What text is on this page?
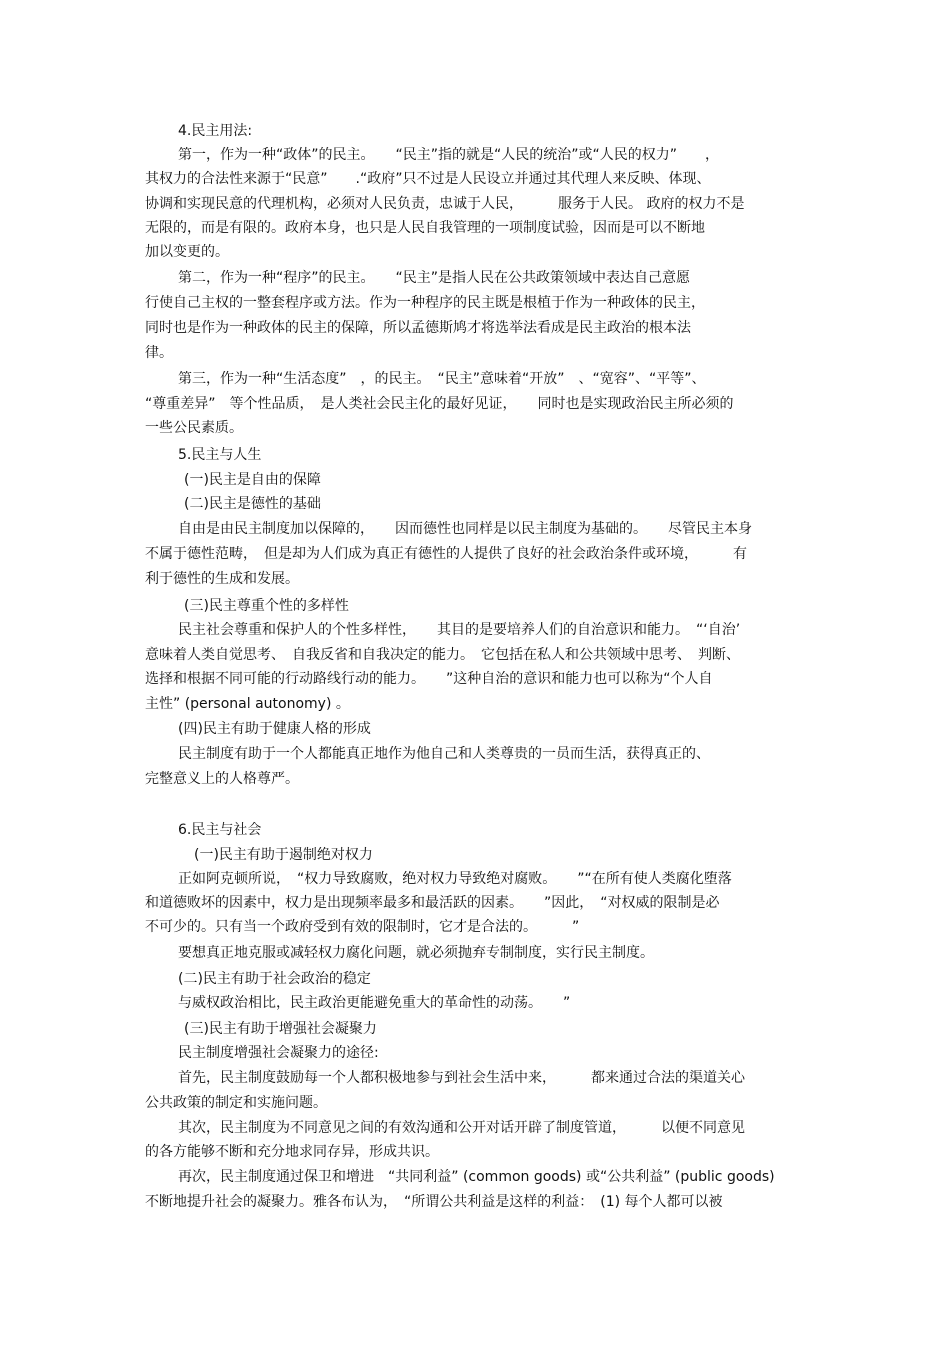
4.民主用法:
第一，作为一种“政体”的民主。　　“民主”指的就是“人民的统治”或“人民的权力”　　，
其权力的合法性来源于“民意”　　.“政府”只不过是人民设立并通过其代理人来反映、体现、
协调和实现民意的代理机构，必须对人民负责，忠诚于人民，　　　服务于人民。 政府的权力不是
无限的，而是有限的。政府本身，也只是人民自我管理的一项制度试验，因而是可以不断地
加以变更的。
第二，作为一种“程序”的民主。　　“民主”是指人民在公共政策领域中表达自己意愿
行使自己主权的一整套程序或方法。作为一种程序的民主既是根植于作为一种政体的民主，
同时也是作为一种政体的民主的保障，所以孟德斯鸠才将选举法看成是民主政治的根本法
律。
第三，作为一种“生活态度”　，的民主。　“民主”意味着“开放”　、“宽容”、“平等”、
“尊重差异”　等个性品质，　是人类社会民主化的最好见证，　　同时也是实现政治民主所必须的
一些公民素质。
5.民主与人生
(一)民主是自由的保障
(二)民主是德性的基础
自由是由民主制度加以保障的，　　因而德性也同样是以民主制度为基础的。　　尽管民主本身
不属于德性范畴，　但是却为人们成为真正有德性的人提供了良好的社会政治条件或环境，　　　有
利于德性的生成和发展。
(三)民主尊重个性的多样性
民主社会尊重和保护人的个性多样性，　　其目的是要培养人们的自治意识和能力。　“‘自治’
意味着人类自觉思考、　自我反省和自我决定的能力。　它包括在私人和公共领域中思考、　判断、
选择和根据不同可能的行动路线行动的能力。　　”这种自治的意识和能力也可以称为“个人自
主性” (personal autonomy) 。
(四)民主有助于健康人格的形成
民主制度有助于一个人都能真正地作为他自己和人类尊贵的一员而生活，获得真正的、
完整意义上的人格尊严。
6.民主与社会
(一)民主有助于遏制绝对权力
正如阿克顿所说，　“权力导致腐败，绝对权力导致绝对腐败。　　”“在所有使人类腐化堕落
和道德败坏的因素中，权力是出现频率最多和最活跃的因素。　　”因此，　“对权威的限制是必
不可少的。只有当一个政府受到有效的限制时，它才是合法的。　　　”
要想真正地克服或减轻权力腐化问题，就必须抛弃专制制度，实行民主制度。
(二)民主有助于社会政治的稳定
与威权政治相比，民主政治更能避免重大的革命性的动荡。　　”
(三)民主有助于增强社会凝聚力
民主制度增强社会凝聚力的途径:
首先，民主制度鼓励每一个人都积极地参与到社会生活中来，　　　都来通过合法的渠道关心
公共政策的制定和实施问题。
其次，民主制度为不同意见之间的有效沟通和公开对话开辟了制度管道，　　　以便不同意见
的各方能够不断和充分地求同存异，形成共识。
再次，民主制度通过保卫和增进　“共同利益” (common goods) 或“公共利益” (public goods)
不断地提升社会的凝聚力。雅各布认为，　“所谓公共利益是这样的利益：　(1) 每个人都可以被
